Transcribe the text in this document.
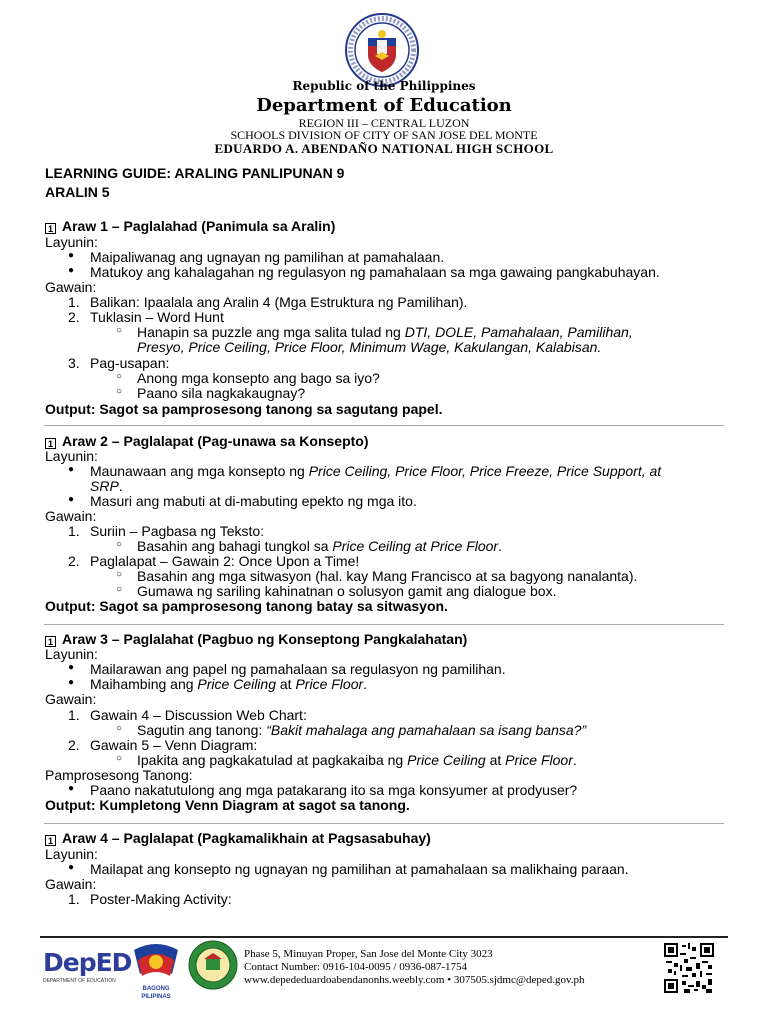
Republic of the Philippines
Department of Education
REGION III – CENTRAL LUZON
SCHOOLS DIVISION OF CITY OF SAN JOSE DEL MONTE
EDUARDO A. ABENDAÑO NATIONAL HIGH SCHOOL
LEARNING GUIDE: ARALING PANLIPUNAN 9
ARALIN 5
1 Araw 1 – Paglalahad (Panimula sa Aralin)
Layunin:
● Maipaliwanag ang ugnayan ng pamilihan at pamahalaan.
● Matukoy ang kahalagahan ng regulasyon ng pamahalaan sa mga gawaing pangkabuhayan.
Gawain:
1. Balikan: Ipaalala ang Aralin 4 (Mga Estruktura ng Pamilihan).
2. Tuklasin – Word Hunt
○ Hanapin sa puzzle ang mga salita tulad ng DTI, DOLE, Pamahalaan, Pamilihan,
Presyo, Price Ceiling, Price Floor, Minimum Wage, Kakulangan, Kalabisan.
3. Pag-usapan:
○ Anong mga konsepto ang bago sa iyo?
○ Paano sila nagkakaugnay?
Output: Sagot sa pamprosesong tanong sa sagutang papel.
1 Araw 2 – Paglalapat (Pag-unawa sa Konsepto)
Layunin:
● Maunawaan ang mga konsepto ng Price Ceiling, Price Floor, Price Freeze, Price Support, at
SRP.
● Masuri ang mabuti at di-mabuting epekto ng mga ito.
Gawain:
1. Suriin – Pagbasa ng Teksto:
○ Basahin ang bahagi tungkol sa Price Ceiling at Price Floor.
2. Paglalapat – Gawain 2: Once Upon a Time!
○ Basahin ang mga sitwasyon (hal. kay Mang Francisco at sa bagyong nanalanta).
○ Gumawa ng sariling kahinatnan o solusyon gamit ang dialogue box.
Output: Sagot sa pamprosesong tanong batay sa sitwasyon.
1 Araw 3 – Paglalahat (Pagbuo ng Konseptong Pangkalahatan)
Layunin:
● Mailarawan ang papel ng pamahalaan sa regulasyon ng pamilihan.
● Maihambing ang Price Ceiling at Price Floor.
Gawain:
1. Gawain 4 – Discussion Web Chart:
○ Sagutin ang tanong: “Bakit mahalaga ang pamahalaan sa isang bansa?”
2. Gawain 5 – Venn Diagram:
○ Ipakita ang pagkakatulad at pagkakaiba ng Price Ceiling at Price Floor.
Pamprosesong Tanong:
● Paano nakatutulong ang mga patakarang ito sa mga konsyumer at prodyuser?
Output: Kumpletong Venn Diagram at sagot sa tanong.
1 Araw 4 – Paglalapat (Pagkamalikhain at Pagsasabuhay)
Layunin:
● Mailapat ang konsepto ng ugnayan ng pamilihan at pamahalaan sa malikhaing paraan.
Gawain:
1. Poster-Making Activity:
DepED
DEPARTMENT OF EDUCATION
BAGONG PILIPINAS
Phase 5, Minuyan Proper, San Jose del Monte City 3023
Contact Number: 0916-104-0095 / 0936-087-1754
www.depededuardoabendanonhs.weebly.com • 307505.sjdmc@deped.gov.ph
